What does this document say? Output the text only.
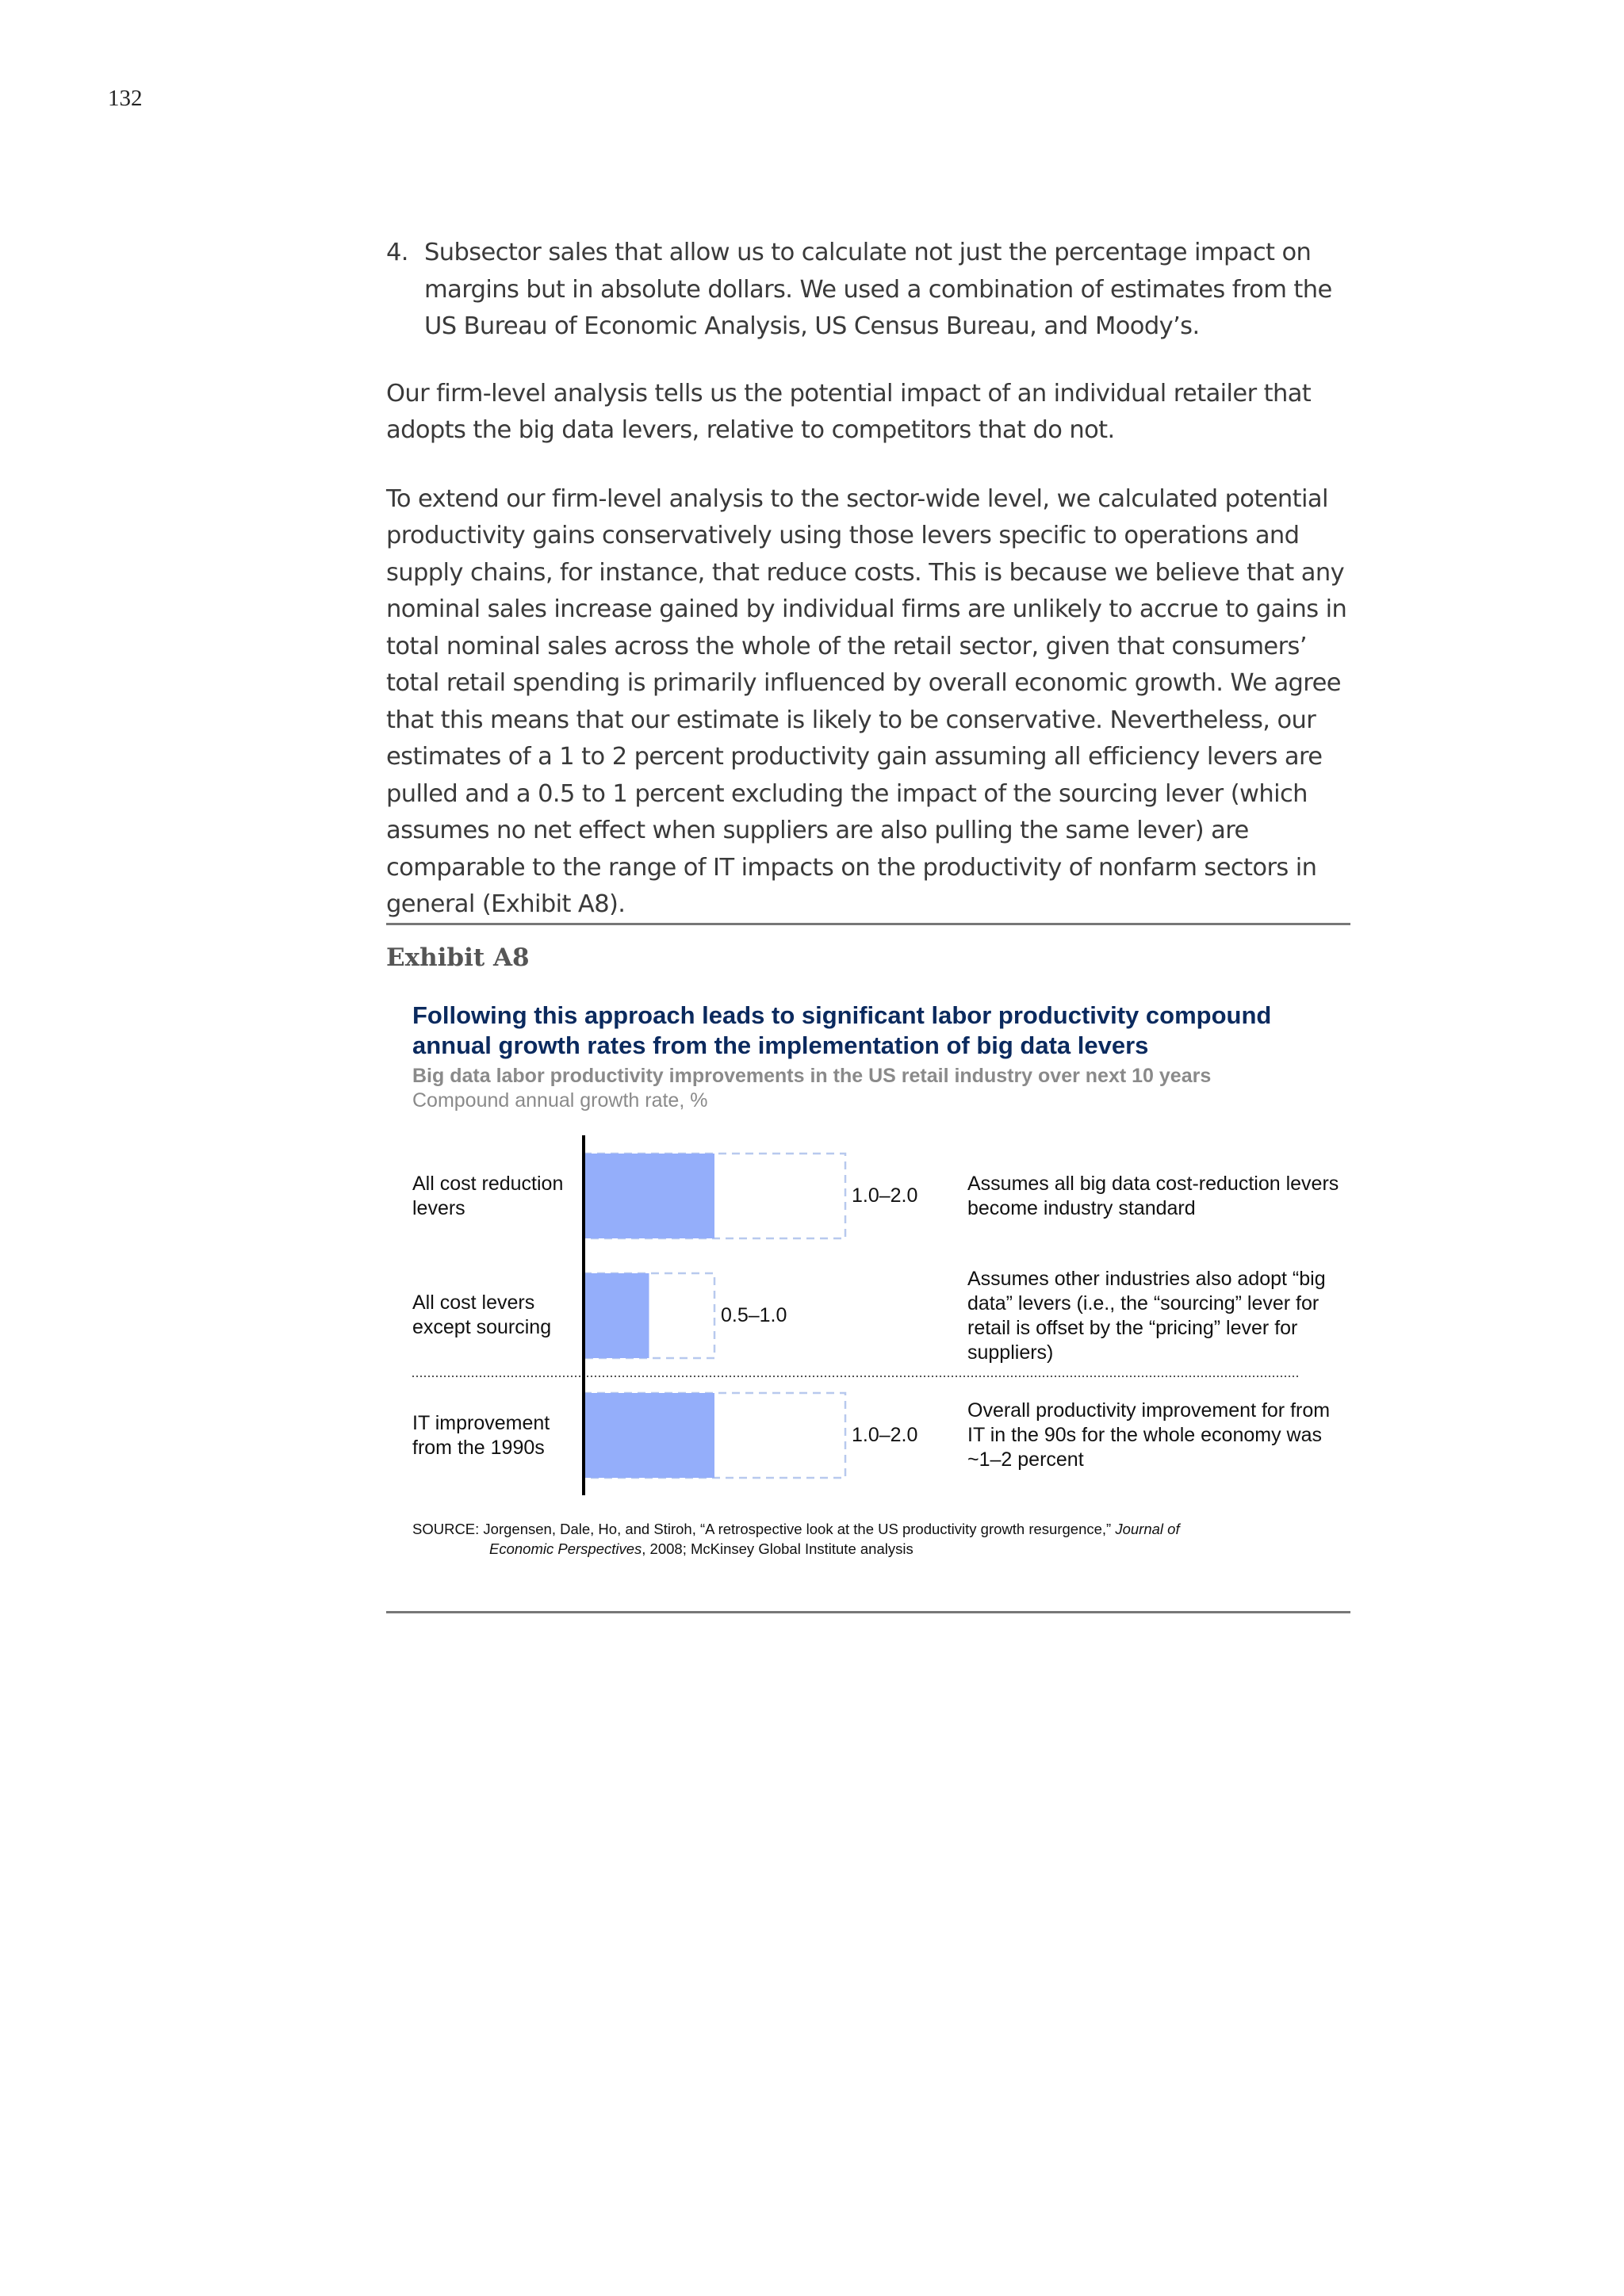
132
4. Subsector sales that allow us to calculate not just the percentage impact on margins but in absolute dollars. We used a combination of estimates from the US Bureau of Economic Analysis, US Census Bureau, and Moody’s.

Our firm-level analysis tells us the potential impact of an individual retailer that adopts the big data levers, relative to competitors that do not.

To extend our firm-level analysis to the sector-wide level, we calculated potential productivity gains conservatively using those levers specific to operations and supply chains, for instance, that reduce costs. This is because we believe that any nominal sales increase gained by individual firms are unlikely to accrue to gains in total nominal sales across the whole of the retail sector, given that consumers’ total retail spending is primarily influenced by overall economic growth. We agree that this means that our estimate is likely to be conservative. Nevertheless, our estimates of a 1 to 2 percent productivity gain assuming all efficiency levers are pulled and a 0.5 to 1 percent excluding the impact of the sourcing lever (which assumes no net effect when suppliers are also pulling the same lever) are comparable to the range of IT impacts on the productivity of nonfarm sectors in general (Exhibit A8).

Exhibit A8
Following this approach leads to significant labor productivity compound annual growth rates from the implementation of big data levers
Big data labor productivity improvements in the US retail industry over next 10 years
Compound annual growth rate, %
All cost reduction levers
1.0–2.0
Assumes all big data cost-reduction levers become industry standard
All cost levers except sourcing
0.5–1.0
Assumes other industries also adopt “big data” levers (i.e., the “sourcing” lever for retail is offset by the “pricing” lever for suppliers)
IT improvement from the 1990s
1.0–2.0
Overall productivity improvement for from IT in the 90s for the whole economy was ~1–2 percent
SOURCE: Jorgensen, Dale, Ho, and Stiroh, “A retrospective look at the US productivity growth resurgence,” Journal of
Economic Perspectives, 2008; McKinsey Global Institute analysis
